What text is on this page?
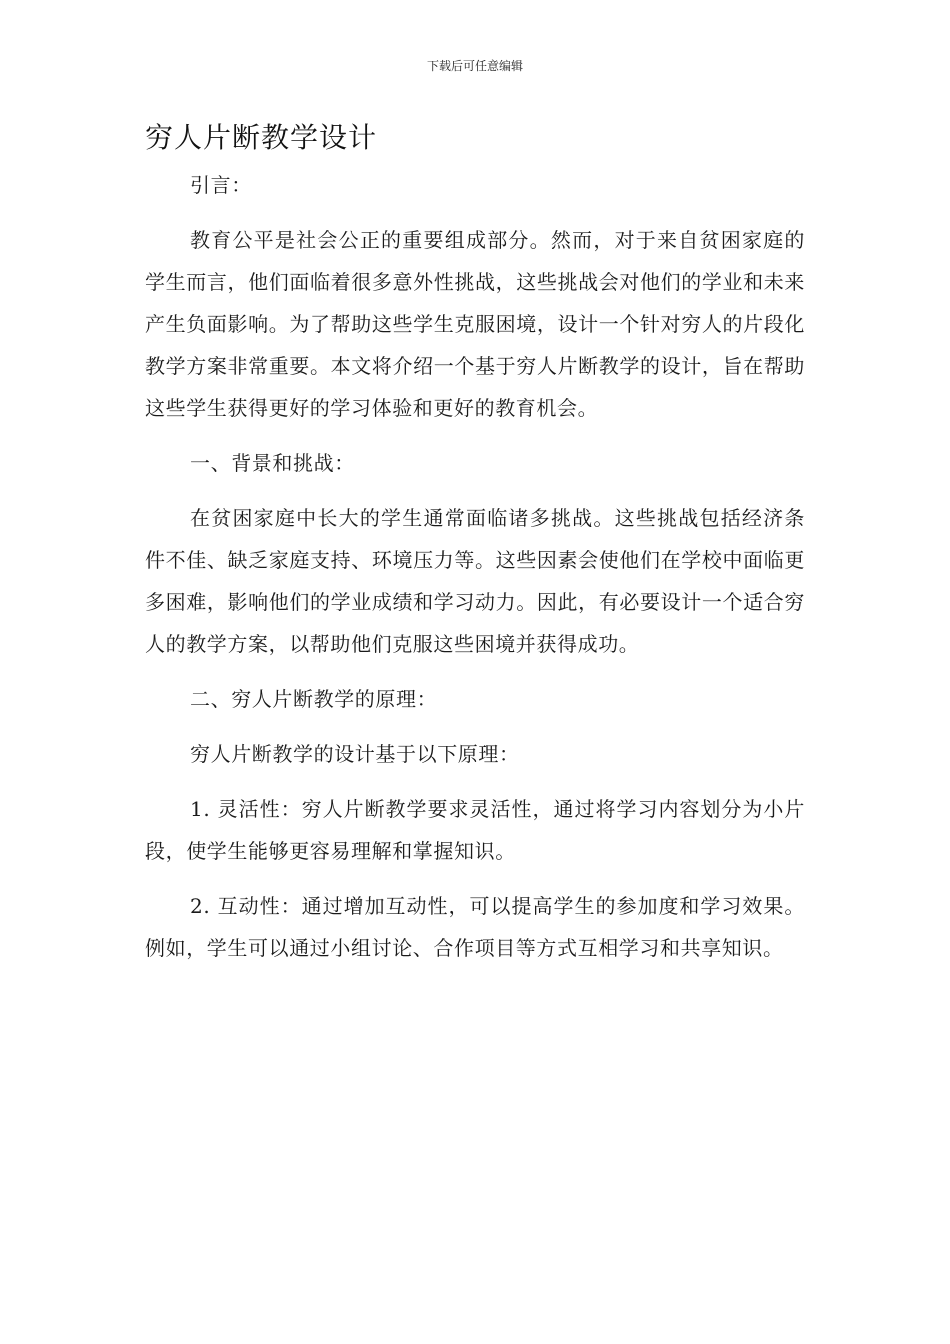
下载后可任意编辑
穷人片断教学设计

引言：

教育公平是社会公正的重要组成部分。然而，对于来自贫困家庭的学生而言，他们面临着很多意外性挑战，这些挑战会对他们的学业和未来产生负面影响。为了帮助这些学生克服困境，设计一个针对穷人的片段化教学方案非常重要。本文将介绍一个基于穷人片断教学的设计，旨在帮助这些学生获得更好的学习体验和更好的教育机会。

一、背景和挑战：

在贫困家庭中长大的学生通常面临诸多挑战。这些挑战包括经济条件不佳、缺乏家庭支持、环境压力等。这些因素会使他们在学校中面临更多困难，影响他们的学业成绩和学习动力。因此，有必要设计一个适合穷人的教学方案，以帮助他们克服这些困境并获得成功。

二、穷人片断教学的原理：

穷人片断教学的设计基于以下原理：

1. 灵活性：穷人片断教学要求灵活性，通过将学习内容划分为小片段，使学生能够更容易理解和掌握知识。

2. 互动性：通过增加互动性，可以提高学生的参加度和学习效果。例如，学生可以通过小组讨论、合作项目等方式互相学习和共享知识。
